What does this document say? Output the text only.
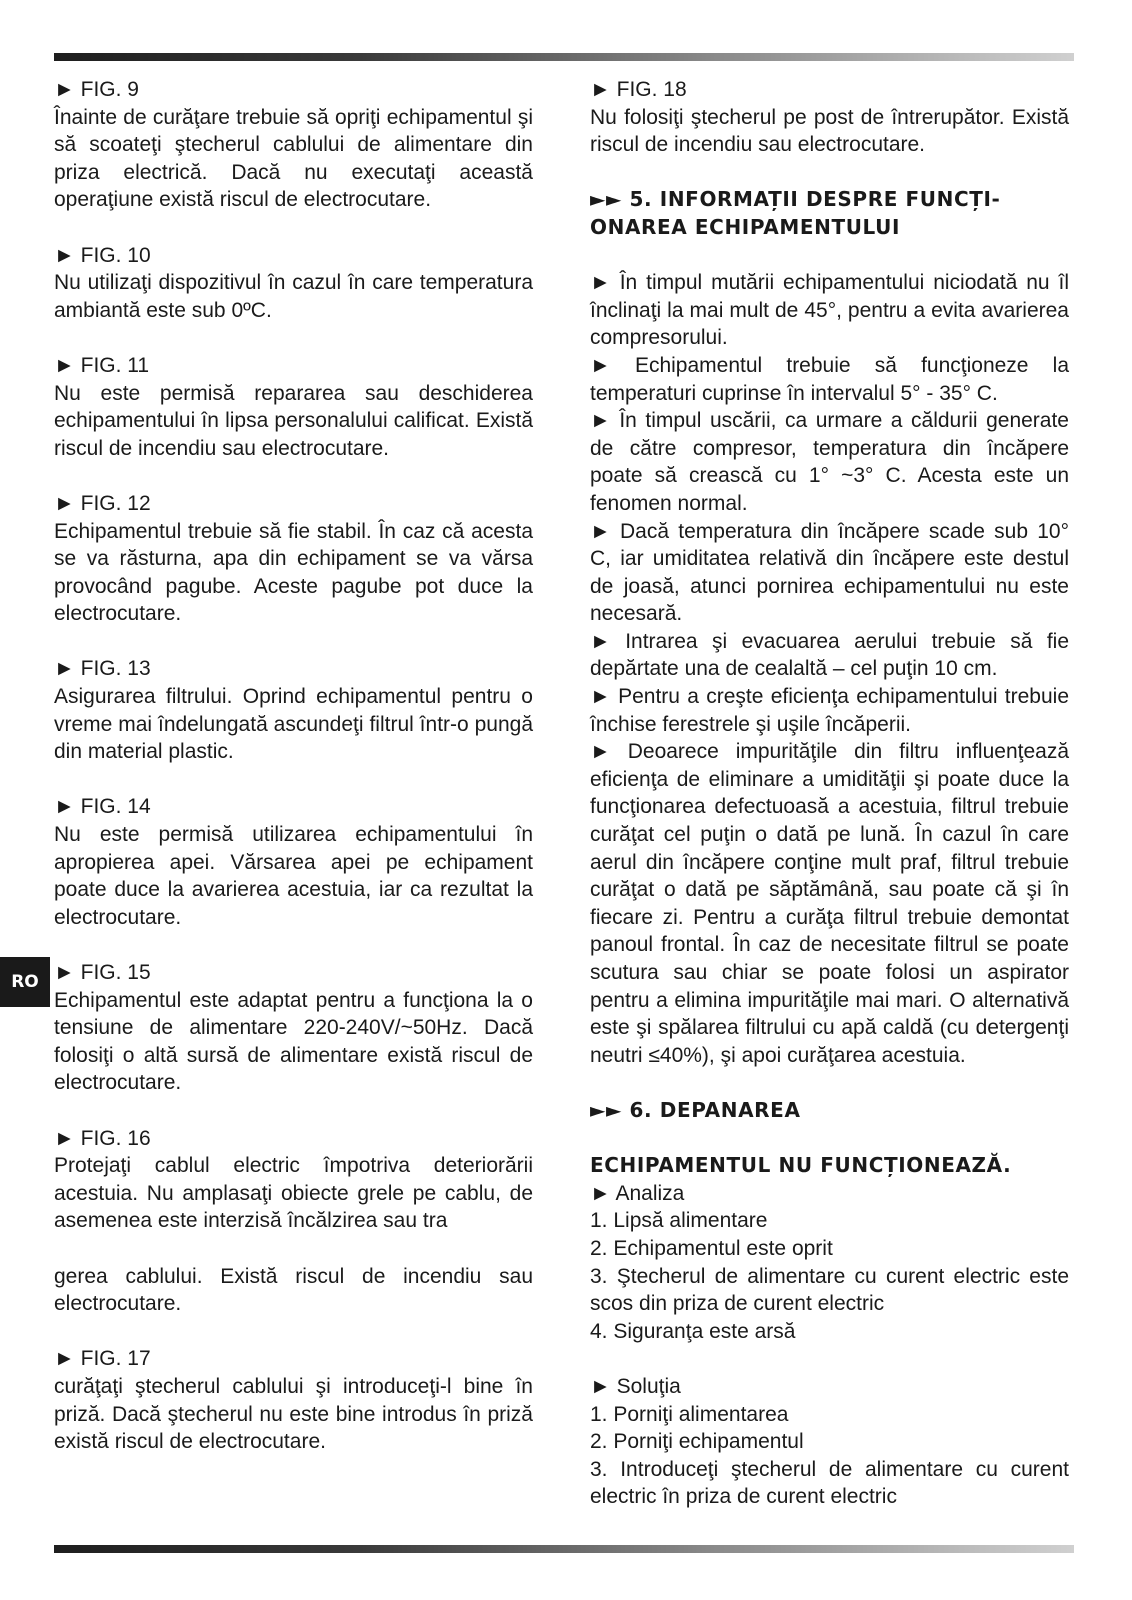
RO

► FIG. 9

Înainte de curăţare trebuie să opriţi echipamentul şi să scoateţi ştecherul cablului de alimentare din priza electrică. Dacă nu executaţi această operaţiune există riscul de electrocutare.

► FIG. 10

Nu utilizaţi dispozitivul în cazul în care temperatura ambiantă este sub 0ºC.

► FIG. 11

Nu este permisă repararea sau deschiderea echipamentului în lipsa personalului calificat. Există riscul de incendiu sau electrocutare.

► FIG. 12

Echipamentul trebuie să fie stabil. În caz că acesta se va răsturna, apa din echipament se va vărsa provocând pagube. Aceste pagube pot duce la electrocutare.

► FIG. 13

Asigurarea filtrului. Oprind echipamentul pentru o vreme mai îndelungată ascundeţi filtrul într-o pungă din material plastic.

► FIG. 14

Nu este permisă utilizarea echipamentului în apropierea apei. Vărsarea apei pe echipament poate duce la avarierea acestuia, iar ca rezultat la electrocutare.

► FIG. 15

Echipamentul este adaptat pentru a funcţiona la o tensiune de alimentare 220-240V/~50Hz. Dacă folosiţi o altă sursă de alimentare există riscul de electrocutare.

► FIG. 16

Protejaţi cablul electric împotriva deteriorării acestuia. Nu amplasaţi obiecte grele pe cablu, de asemenea este interzisă încălzirea sau tra

gerea cablului. Există riscul de incendiu sau electrocutare.

► FIG. 17

curăţaţi ştecherul cablului şi introduceţi-l bine în priză. Dacă ştecherul nu este bine introdus în priză există riscul de electrocutare.

► FIG. 18

Nu folosiţi ştecherul pe post de întrerupător. Există riscul de incendiu sau electrocutare.

►► 5. INFORMAȚII DESPRE FUNCȚI-

ONAREA ECHIPAMENTULUI

► În timpul mutării echipamentului niciodată nu îl înclinaţi la mai mult de 45°, pentru a evita avarierea compresorului.

► Echipamentul trebuie să funcţioneze la temperaturi cuprinse în intervalul 5° - 35° C.

► În timpul uscării, ca urmare a căldurii generate de către compresor, temperatura din încăpere poate să crească cu 1° ~3° C. Acesta este un fenomen normal.

► Dacă temperatura din încăpere scade sub 10° C, iar umiditatea relativă din încăpere este destul de joasă, atunci pornirea echipamentului nu este necesară.

► Intrarea şi evacuarea aerului trebuie să fie depărtate una de cealaltă – cel puţin 10 cm.

► Pentru a creşte eficienţa echipamentului trebuie închise ferestrele şi uşile încăperii.

► Deoarece impurităţile din filtru influenţează eficienţa de eliminare a umidităţii şi poate duce la funcţionarea defectuoasă a acestuia, filtrul trebuie curăţat cel puţin o dată pe lună. În cazul în care aerul din încăpere conţine mult praf, filtrul trebuie curăţat o dată pe săptămână, sau poate că şi în fiecare zi. Pentru a curăţa filtrul trebuie demontat panoul frontal. În caz de necesitate filtrul se poate scutura sau chiar se poate folosi un aspirator pentru a elimina impurităţile mai mari. O alternativă este şi spălarea filtrului cu apă caldă (cu detergenţi neutri ≤40%), şi apoi curăţarea acestuia.

►► 6. DEPANAREA

ECHIPAMENTUL NU FUNCȚIONEAZĂ.

► Analiza

1. Lipsă alimentare

2. Echipamentul este oprit

3. Ştecherul de alimentare cu curent electric este scos din priza de curent electric

4. Siguranţa este arsă

► Soluţia

1. Porniţi alimentarea

2. Porniţi echipamentul

3. Introduceţi ştecherul de alimentare cu curent electric în priza de curent electric
